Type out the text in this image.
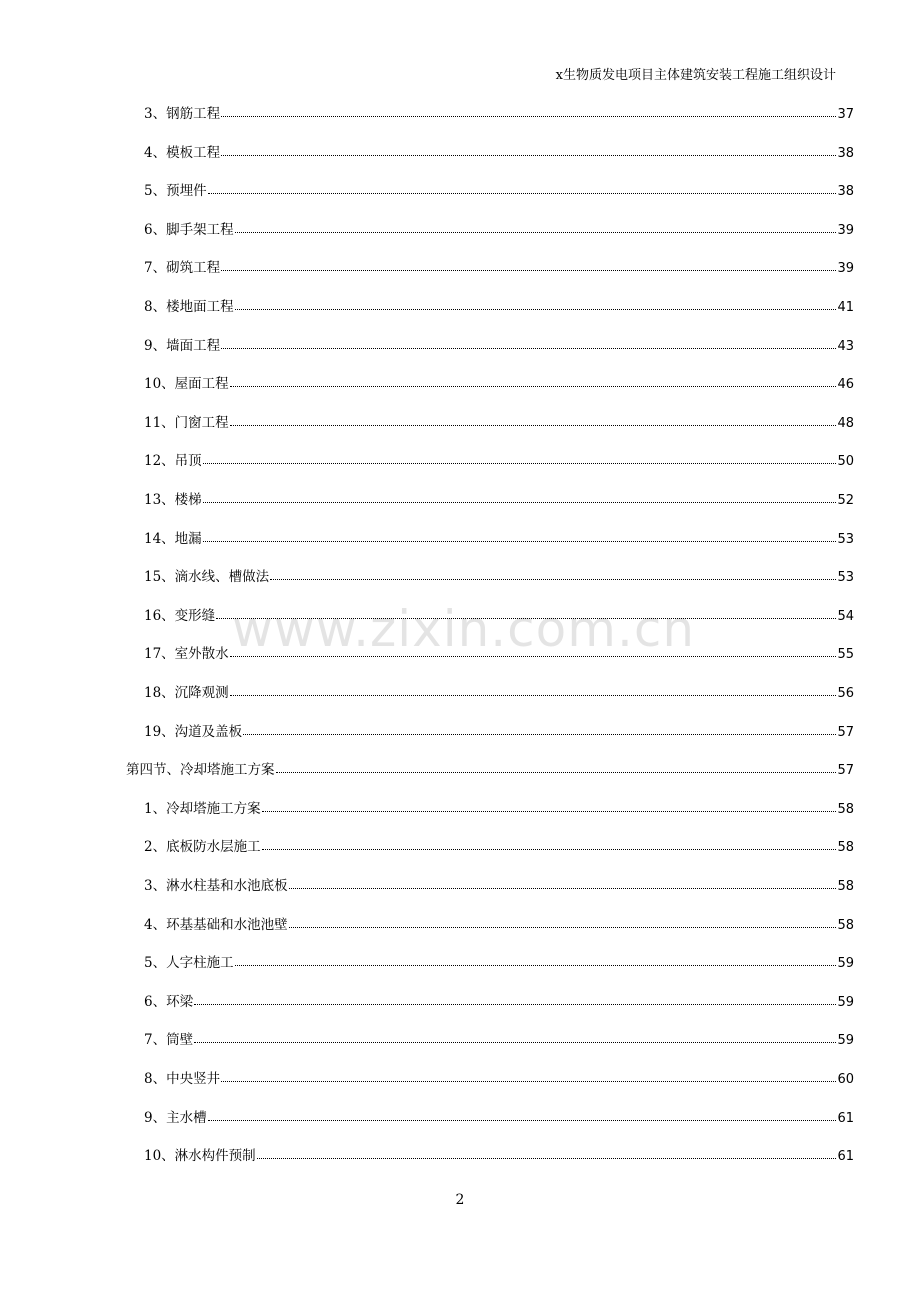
x生物质发电项目主体建筑安装工程施工组织设计
3、钢筋工程	37
4、模板工程	38
5、预埋件	38
6、脚手架工程	39
7、砌筑工程	39
8、楼地面工程	41
9、墙面工程	43
10、屋面工程	46
11、门窗工程	48
12、吊顶	50
13、楼梯	52
14、地漏	53
15、滴水线、槽做法	53
16、变形缝	54
17、室外散水	55
18、沉降观测	56
19、沟道及盖板	57
第四节、冷却塔施工方案	57
1、冷却塔施工方案	58
2、底板防水层施工	58
3、淋水柱基和水池底板	58
4、环基基础和水池池壁	58
5、人字柱施工	59
6、环梁	59
7、筒壁	59
8、中央竖井	60
9、主水槽	61
10、淋水构件预制	61
www.zixin.com.cn
2
